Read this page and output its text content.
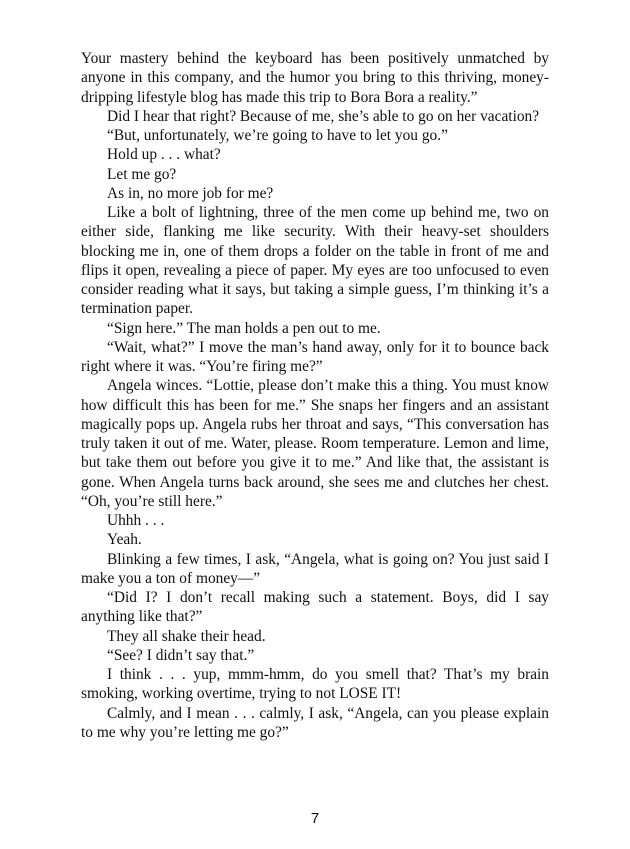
Your mastery behind the keyboard has been positively unmatched by anyone in this company, and the humor you bring to this thriving, money-dripping lifestyle blog has made this trip to Bora Bora a reality.”

Did I hear that right? Because of me, she’s able to go on her vacation?

“But, unfortunately, we’re going to have to let you go.”

Hold up . . . what?

Let me go?

As in, no more job for me?

Like a bolt of lightning, three of the men come up behind me, two on either side, flanking me like security. With their heavy-set shoulders blocking me in, one of them drops a folder on the table in front of me and flips it open, revealing a piece of paper. My eyes are too unfocused to even consider reading what it says, but taking a simple guess, I’m thinking it’s a termination paper.

“Sign here.” The man holds a pen out to me.

“Wait, what?” I move the man’s hand away, only for it to bounce back right where it was. “You’re firing me?”

Angela winces. “Lottie, please don’t make this a thing. You must know how difficult this has been for me.” She snaps her fingers and an assistant magically pops up. Angela rubs her throat and says, “This conversation has truly taken it out of me. Water, please. Room temperature. Lemon and lime, but take them out before you give it to me.” And like that, the assistant is gone. When Angela turns back around, she sees me and clutches her chest. “Oh, you’re still here.”

Uhhh . . .

Yeah.

Blinking a few times, I ask, “Angela, what is going on? You just said I make you a ton of money—”

“Did I? I don’t recall making such a statement. Boys, did I say anything like that?”

They all shake their head.

“See? I didn’t say that.”

I think . . . yup, mmm-hmm, do you smell that? That’s my brain smoking, working overtime, trying to not LOSE IT!

Calmly, and I mean . . . calmly, I ask, “Angela, can you please explain to me why you’re letting me go?”

7
